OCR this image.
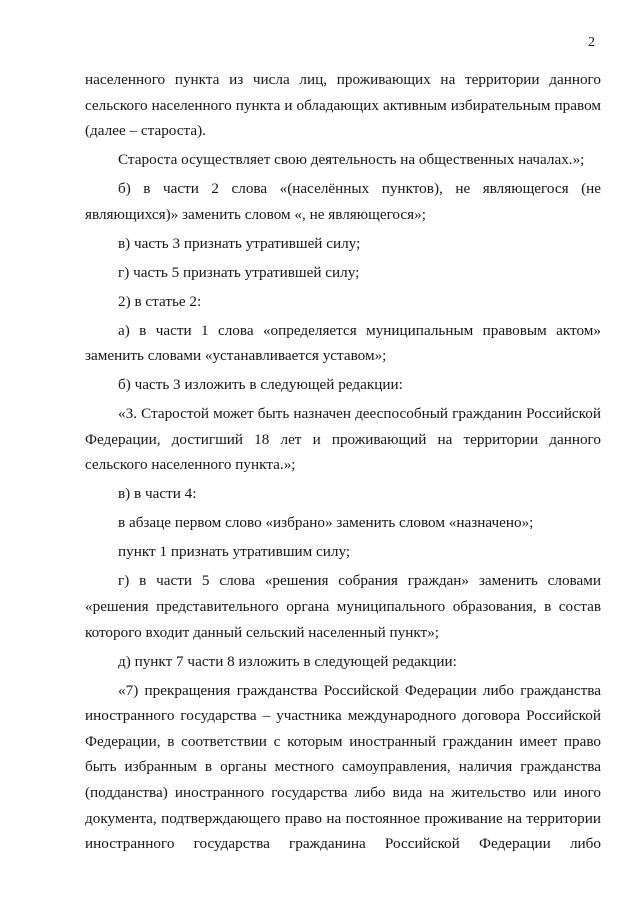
2

населенного пункта из числа лиц, проживающих на территории данного сельского населенного пункта и обладающих активным избирательным правом (далее – староста).

Староста осуществляет свою деятельность на общественных началах.»;

б) в части 2 слова «(населённых пунктов), не являющегося (не являющихся)» заменить словом «, не являющегося»;

в) часть 3 признать утратившей силу;

г) часть 5 признать утратившей силу;

2) в статье 2:

а) в части 1 слова «определяется муниципальным правовым актом» заменить словами «устанавливается уставом»;

б) часть 3 изложить в следующей редакции:

«3. Старостой может быть назначен дееспособный гражданин Российской Федерации, достигший 18 лет и проживающий на территории данного сельского населенного пункта.»;

в) в части 4:

в абзаце первом слово «избрано» заменить словом «назначено»;

пункт 1 признать утратившим силу;

г) в части 5 слова «решения собрания граждан» заменить словами «решения представительного органа муниципального образования, в состав которого входит данный сельский населенный пункт»;

д) пункт 7 части 8 изложить в следующей редакции:

«7) прекращения гражданства Российской Федерации либо гражданства иностранного государства – участника международного договора Российской Федерации, в соответствии с которым иностранный гражданин имеет право быть избранным в органы местного самоуправления, наличия гражданства (подданства) иностранного государства либо вида на жительство или иного документа, подтверждающего право на постоянное проживание на территории иностранного государства гражданина Российской Федерации либо
